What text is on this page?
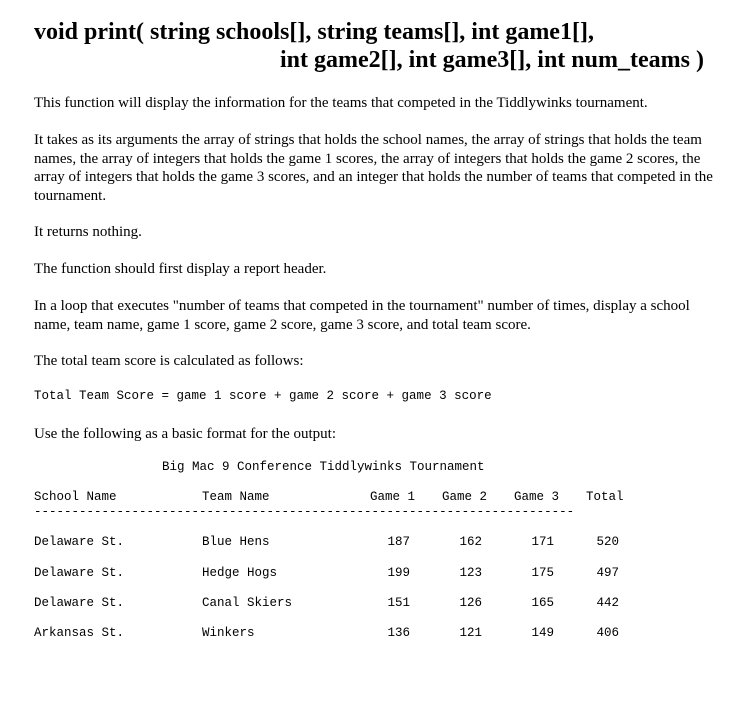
void print( string schools[], string teams[], int game1[],
int game2[], int game3[], int num_teams )

This function will display the information for the teams that competed in the Tiddlywinks tournament.

It takes as its arguments the array of strings that holds the school names, the array of strings that holds the team names, the array of integers that holds the game 1 scores, the array of integers that holds the game 2 scores, the array of integers that holds the game 3 scores, and an integer that holds the number of teams that competed in the tournament.

It returns nothing.

The function should first display a report header.

In a loop that executes "number of teams that competed in the tournament" number of times, display a school name, team name, game 1 score, game 2 score, game 3 score, and total team score.

The total team score is calculated as follows:

Total Team Score = game 1 score + game 2 score + game 3 score

Use the following as a basic format for the output:

Big Mac 9 Conference Tiddlywinks Tournament
School Name	Team Name	Game 1 Game 2 Game 3 Total
------------------------------------------------------------------------
Delaware St.	Blue Hens	187	162	171	520
Delaware St.	Hedge Hogs	199	123	175	497
Delaware St.	Canal Skiers	151	126	165	442
Arkansas St.	Winkers	136	121	149	406
